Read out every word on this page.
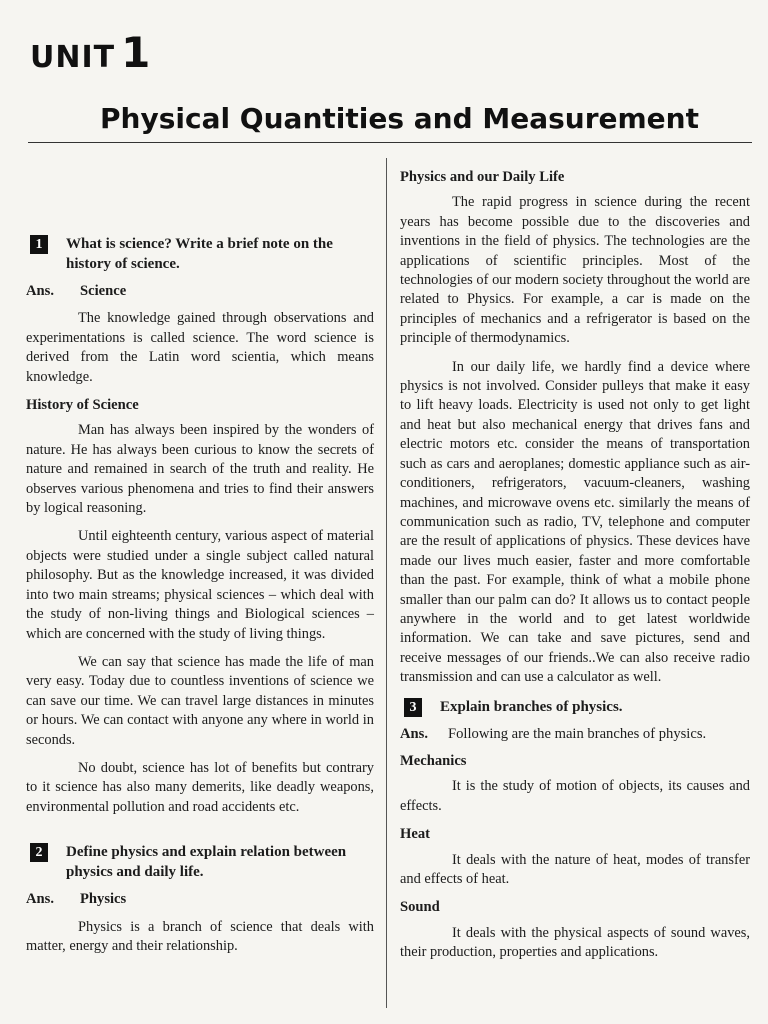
UNIT 1
Physical Quantities and Measurement
1	What is science? Write a brief note on the history of science.
Ans.	Science

The knowledge gained through observations and experimentations is called science. The word science is derived from the Latin word scientia, which means knowledge.

History of Science

Man has always been inspired by the wonders of nature. He has always been curious to know the secrets of nature and remained in search of the truth and reality. He observes various phenomena and tries to find their answers by logical reasoning.

Until eighteenth century, various aspect of material objects were studied under a single subject called natural philosophy. But as the knowledge increased, it was divided into two main streams; physical sciences – which deal with the study of non-living things and Biological sciences – which are concerned with the study of living things.

We can say that science has made the life of man very easy. Today due to countless inventions of science we can save our time. We can travel large distances in minutes or hours. We can contact with anyone any where in world in seconds.

No doubt, science has lot of benefits but contrary to it science has also many demerits, like deadly weapons, environmental pollution and road accidents etc.

2	Define physics and explain relation between physics and daily life.
Ans.	Physics

Physics is a branch of science that deals with matter, energy and their relationship.

Physics and our Daily Life

The rapid progress in science during the recent years has become possible due to the discoveries and inventions in the field of physics. The technologies are the applications of scientific principles. Most of the technologies of our modern society throughout the world are related to Physics. For example, a car is made on the principles of mechanics and a refrigerator is based on the principle of thermodynamics.

In our daily life, we hardly find a device where physics is not involved. Consider pulleys that make it easy to lift heavy loads. Electricity is used not only to get light and heat but also mechanical energy that drives fans and electric motors etc. consider the means of transportation such as cars and aeroplanes; domestic appliance such as air-conditioners, refrigerators, vacuum-cleaners, washing machines, and microwave ovens etc. similarly the means of communication such as radio, TV, telephone and computer are the result of applications of physics. These devices have made our lives much easier, faster and more comfortable than the past. For example, think of what a mobile phone smaller than our palm can do? It allows us to contact people anywhere in the world and to get latest worldwide information. We can take and save pictures, send and receive messages of our friends..We can also receive radio transmission and can use a calculator as well.

3	Explain branches of physics.
Ans.	Following are the main branches of physics.
Mechanics

It is the study of motion of objects, its causes and effects.

Heat

It deals with the nature of heat, modes of transfer and effects of heat.

Sound

It deals with the physical aspects of sound waves, their production, properties and applications.
